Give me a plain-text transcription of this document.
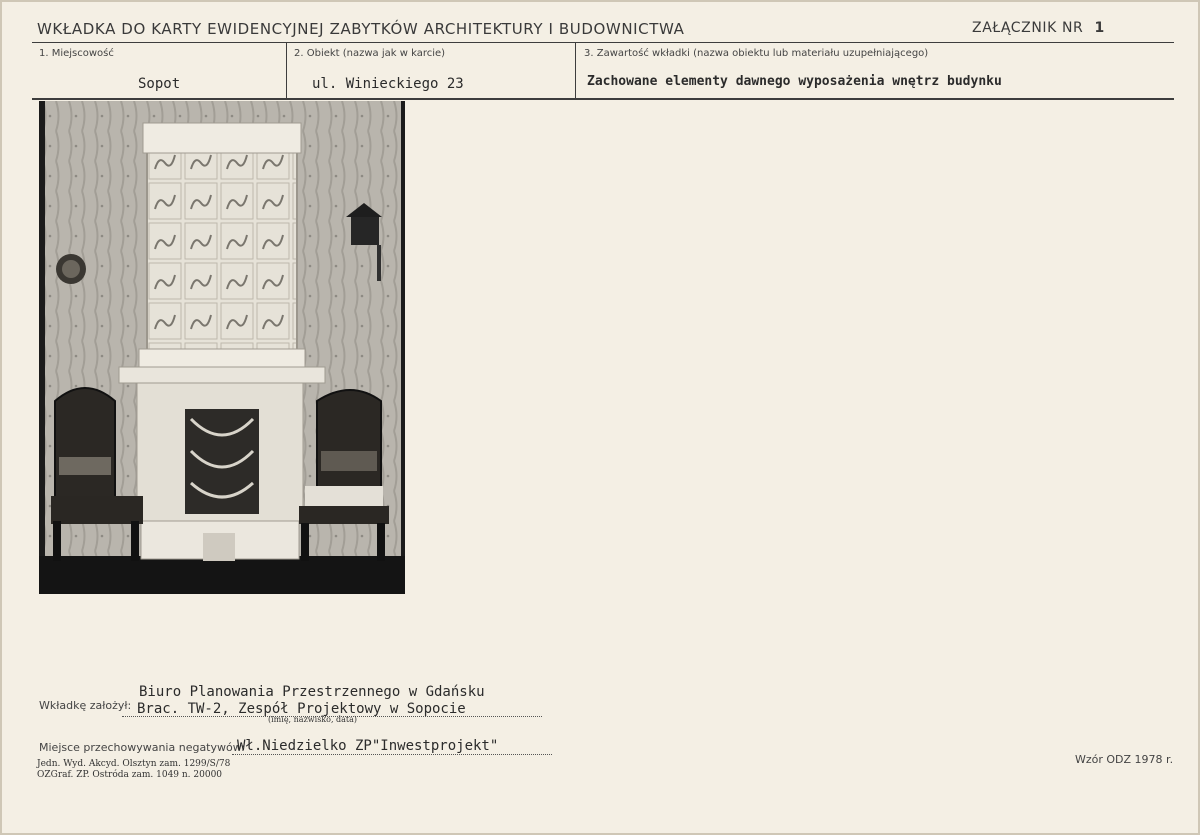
WKŁADKA DO KARTY EWIDENCYJNEJ ZABYTKÓW ARCHITEKTURY I BUDOWNICTWA	ZAŁĄCZNIK NR 1
1. Miejscowość
Sopot
2. Obiekt (nazwa jak w karcie)
ul. Winieckiego 23
3. Zawartość wkładki (nazwa obiektu lub materiału uzupełniającego)
Zachowane elementy dawnego wyposażenia wnętrz budynku
Biuro Planowania Przestrzennego w Gdańsku
Wkładkę założył: Brac. TW-2, Zespół Projektowy w Sopocie
(imię, nazwisko, data)
Miejsce przechowywania negatywów:
Wł.Niedzielko ZP"Inwestprojekt"
Jedn. Wyd. Akcyd. Olsztyn zam. 1299/S/78
OZGraf. ZP. Ostróda zam. 1049 n. 20000
Wzór ODZ 1978 r.
